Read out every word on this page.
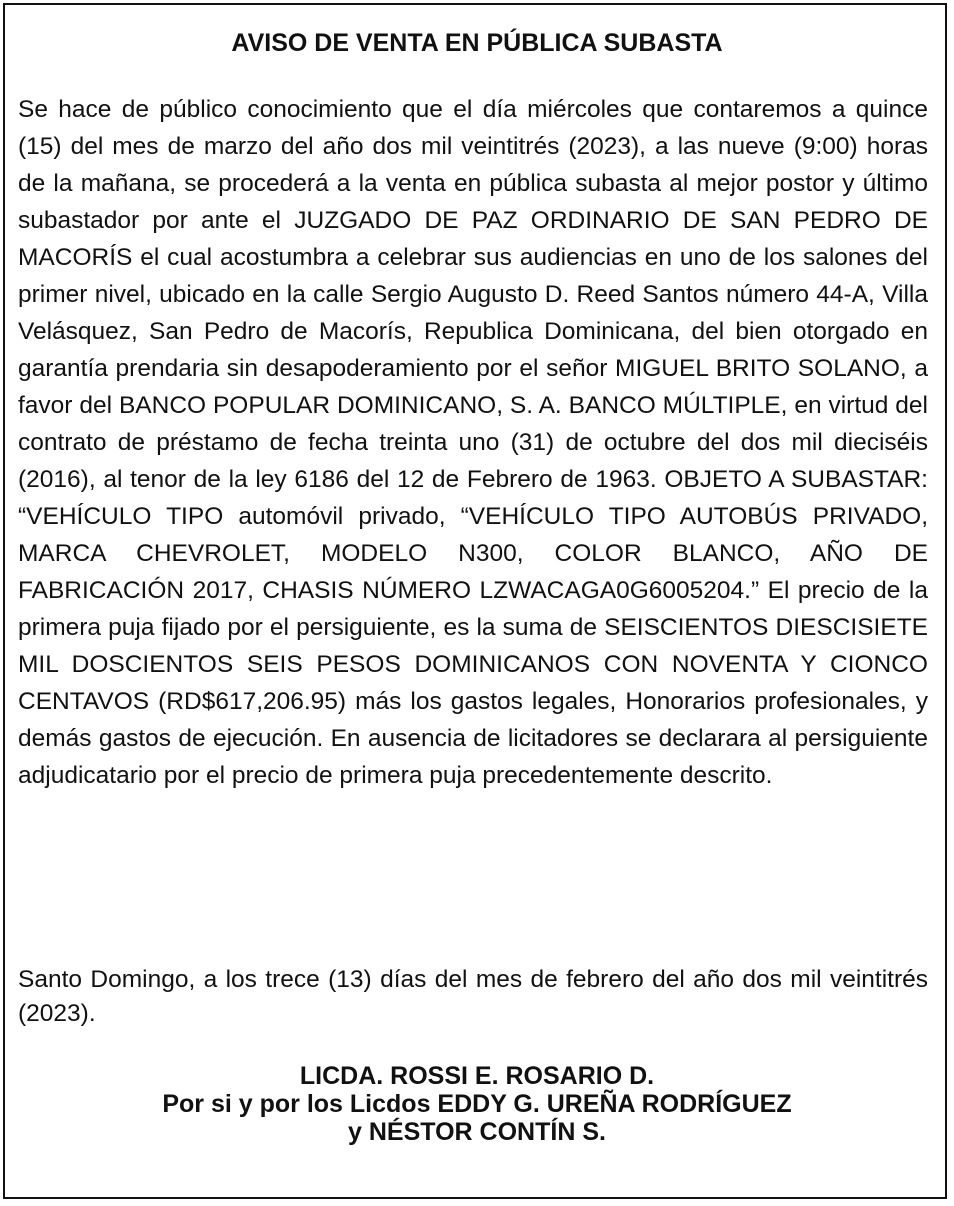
AVISO DE VENTA EN PÚBLICA SUBASTA

Se hace de público conocimiento que el día miércoles que contaremos a quince (15) del mes de marzo del año dos mil veintitrés (2023), a las nueve (9:00) horas de la mañana, se procederá a la venta en pública subasta al mejor postor y último subastador por ante el JUZGADO DE PAZ ORDINARIO DE SAN PEDRO DE MACORÍS el cual acostumbra a celebrar sus audiencias en uno de los salones del primer nivel, ubicado en la calle Sergio Augusto D. Reed Santos número 44-A, Villa Velásquez, San Pedro de Macorís, Republica Dominicana, del bien otorgado en garantía prendaria sin desapoderamiento por el señor MIGUEL BRITO SOLANO, a favor del BANCO POPULAR DOMINICANO, S. A. BANCO MÚLTIPLE, en virtud del contrato de préstamo de fecha treinta uno (31) de octubre del dos mil dieciséis (2016), al tenor de la ley 6186 del 12 de Febrero de 1963. OBJETO A SUBASTAR: “VEHÍCULO TIPO automóvil privado, “VEHÍCULO TIPO AUTOBÚS PRIVADO, MARCA CHEVROLET, MODELO N300, COLOR BLANCO, AÑO DE FABRICACIÓN 2017, CHASIS NÚMERO LZWACAGA0G6005204.” El precio de la primera puja fijado por el persiguiente, es la suma de SEISCIENTOS DIESCISIETE MIL DOSCIENTOS SEIS PESOS DOMINICANOS CON NOVENTA Y CIONCO CENTAVOS (RD$617,206.95) más los gastos legales, Honorarios profesionales, y demás gastos de ejecución. En ausencia de licitadores se declarara al persiguiente adjudicatario por el precio de primera puja precedentemente descrito.

Santo Domingo, a los trece (13) días del mes de febrero del año dos mil veintitrés (2023).

LICDA. ROSSI E. ROSARIO D.
Por si y por los Licdos EDDY G. UREÑA RODRÍGUEZ
y NÉSTOR CONTÍN S.
